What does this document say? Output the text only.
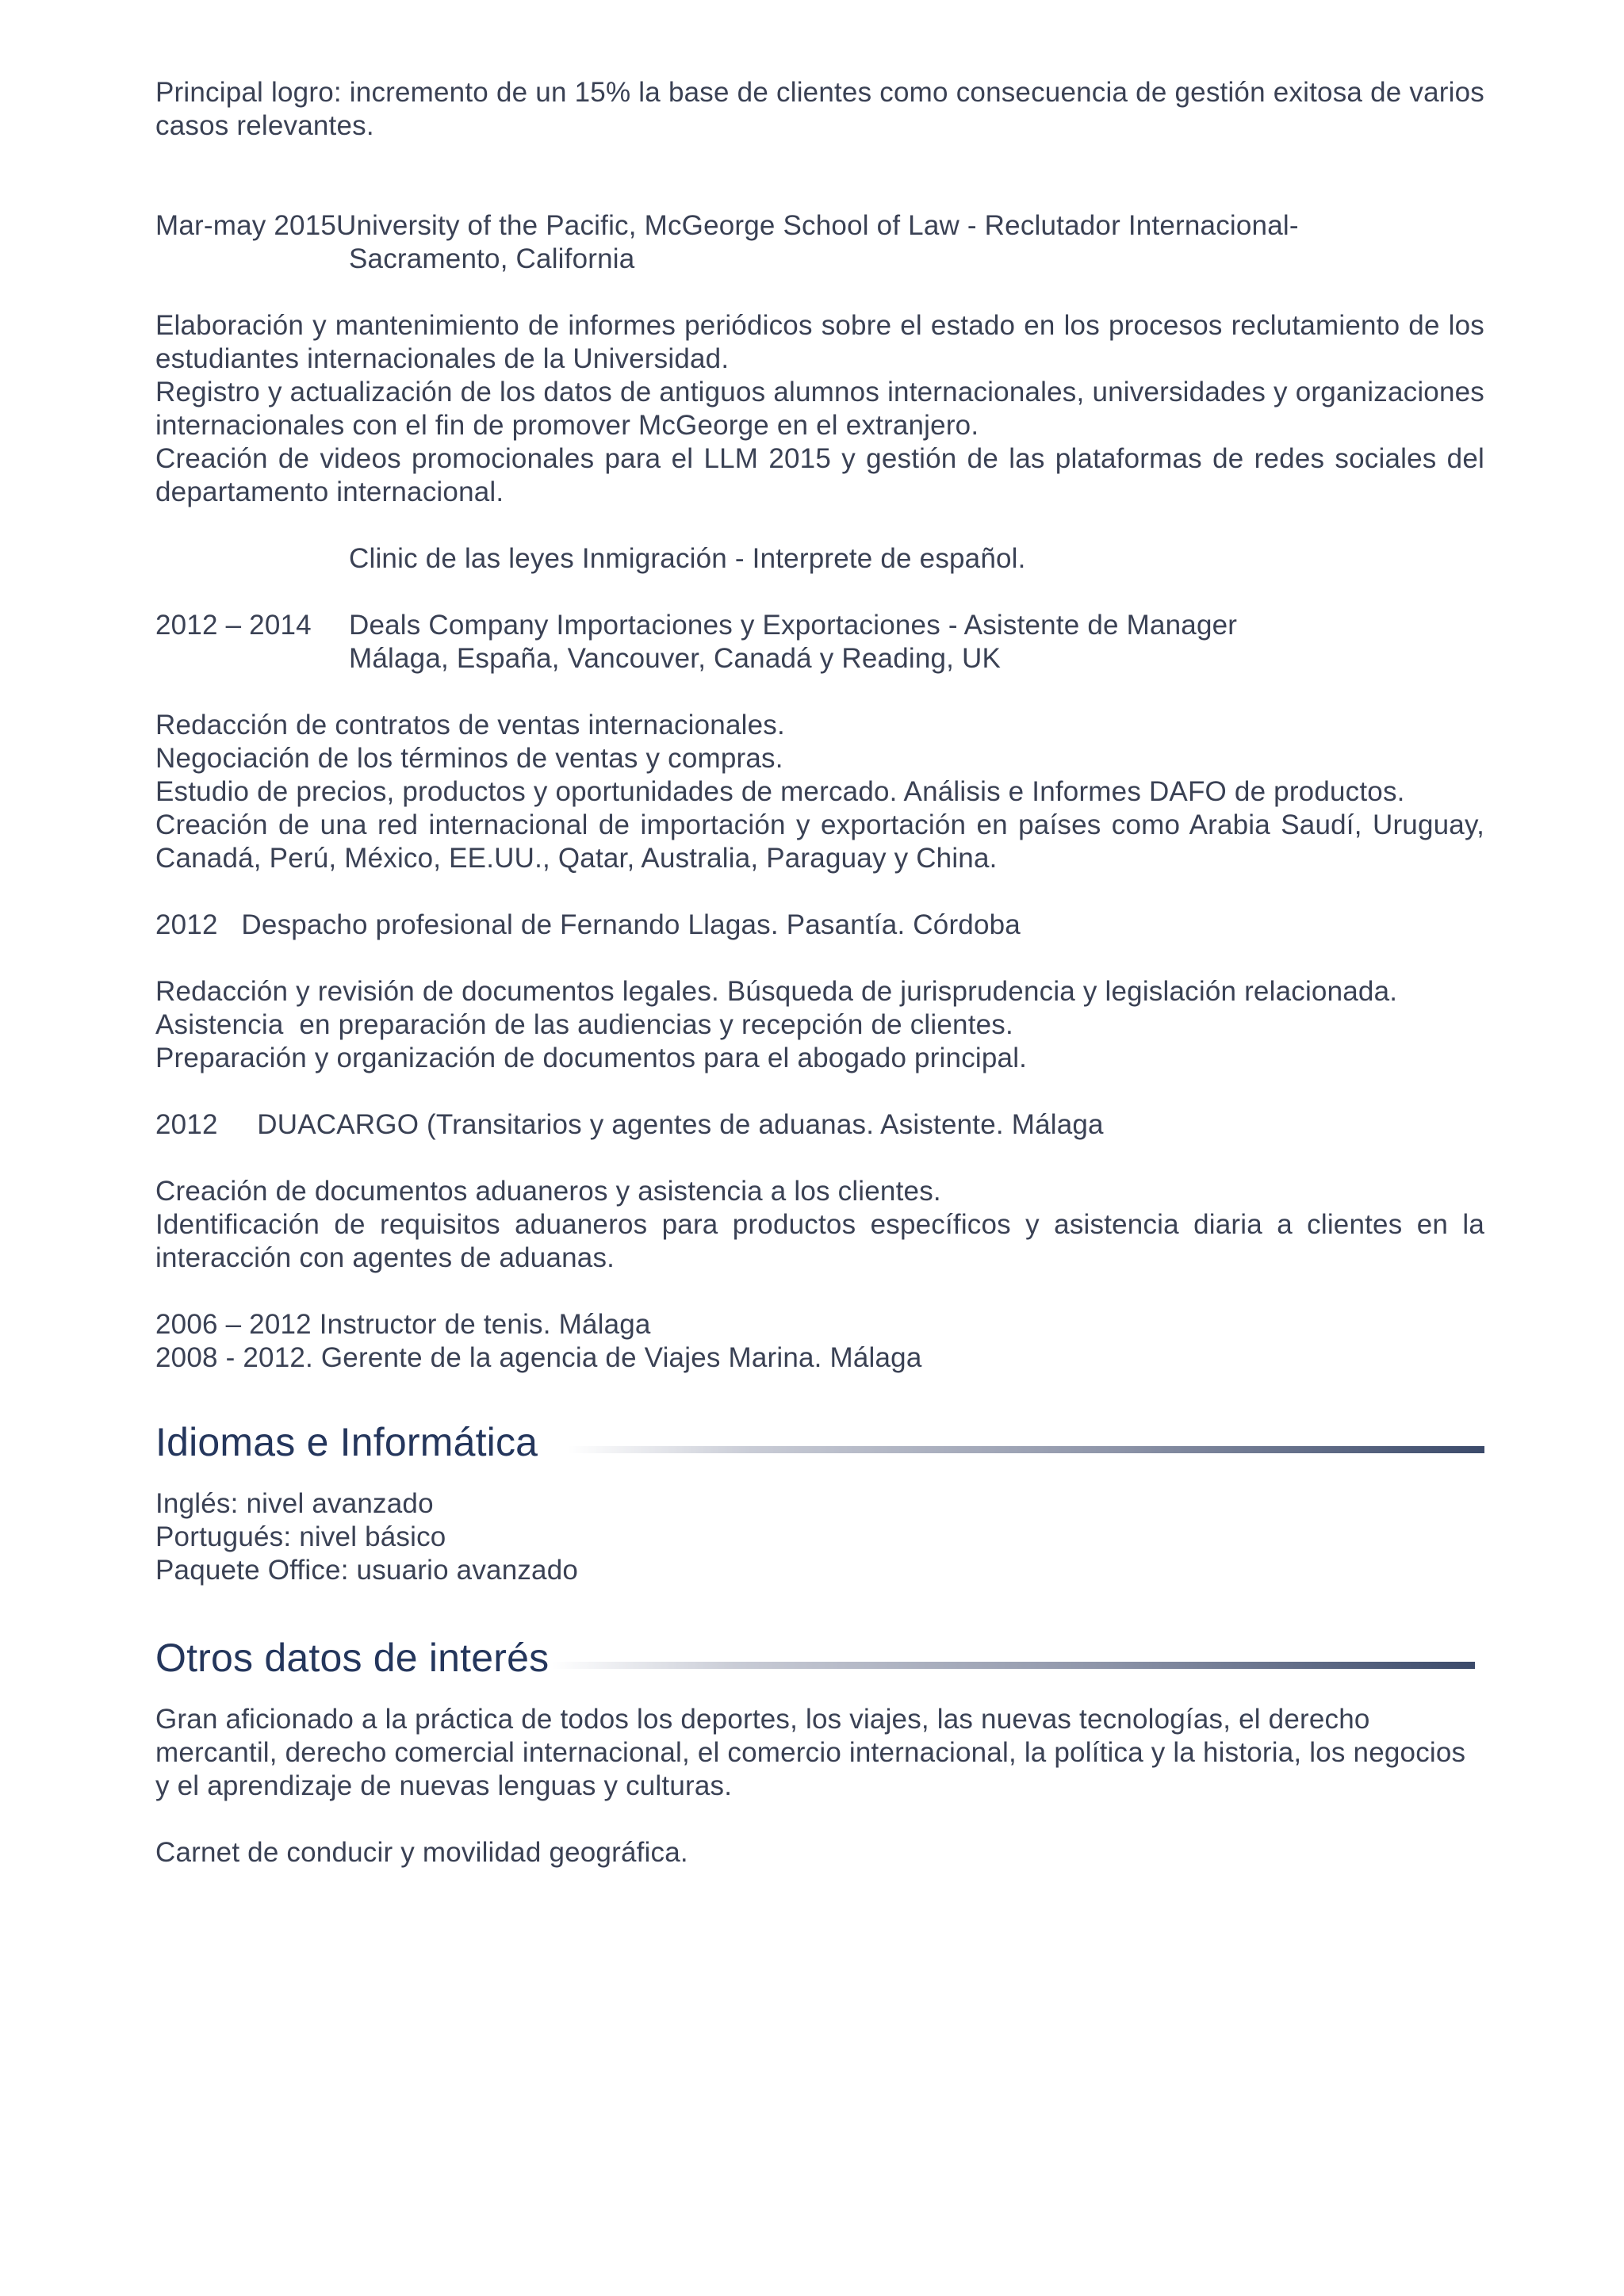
Principal logro: incremento de un 15% la base de clientes como consecuencia de gestión exitosa de varios casos relevantes.

Mar-may 2015 University of the Pacific, McGeorge School of Law - Reclutador Internacional-

Sacramento, California

Elaboración y mantenimiento de informes periódicos sobre el estado en los procesos reclutamiento de los estudiantes internacionales de la Universidad.

Registro y actualización de los datos de antiguos alumnos internacionales, universidades y organizaciones internacionales con el fin de promover McGeorge en el extranjero.

Creación de videos promocionales para el LLM 2015 y gestión de las plataformas de redes sociales del departamento internacional.

Clinic de las leyes Inmigración - Interprete de español.

2012 – 2014	Deals Company Importaciones y Exportaciones - Asistente de Manager

Málaga, España, Vancouver, Canadá y Reading, UK

Redacción de contratos de ventas internacionales.

Negociación de los términos de ventas y compras.

Estudio de precios, productos y oportunidades de mercado. Análisis e Informes DAFO de productos.

Creación de una red internacional de importación y exportación en países como Arabia Saudí, Uruguay, Canadá, Perú, México, EE.UU., Qatar, Australia, Paraguay y China.

2012   Despacho profesional de Fernando Llagas. Pasantía. Córdoba

Redacción y revisión de documentos legales. Búsqueda de jurisprudencia y legislación relacionada.

Asistencia  en preparación de las audiencias y recepción de clientes.

Preparación y organización de documentos para el abogado principal.

2012     DUACARGO (Transitarios y agentes de aduanas. Asistente. Málaga

Creación de documentos aduaneros y asistencia a los clientes.

Identificación de requisitos aduaneros para productos específicos y asistencia diaria a clientes en la interacción con agentes de aduanas.

2006 – 2012 Instructor de tenis. Málaga

2008 - 2012. Gerente de la agencia de Viajes Marina. Málaga

Idiomas e Informática

Inglés: nivel avanzado

Portugués: nivel básico

Paquete Office: usuario avanzado

Otros datos de interés

Gran aficionado a la práctica de todos los deportes, los viajes, las nuevas tecnologías, el derecho mercantil, derecho comercial internacional, el comercio internacional, la política y la historia, los negocios y el aprendizaje de nuevas lenguas y culturas.

Carnet de conducir y movilidad geográfica.
